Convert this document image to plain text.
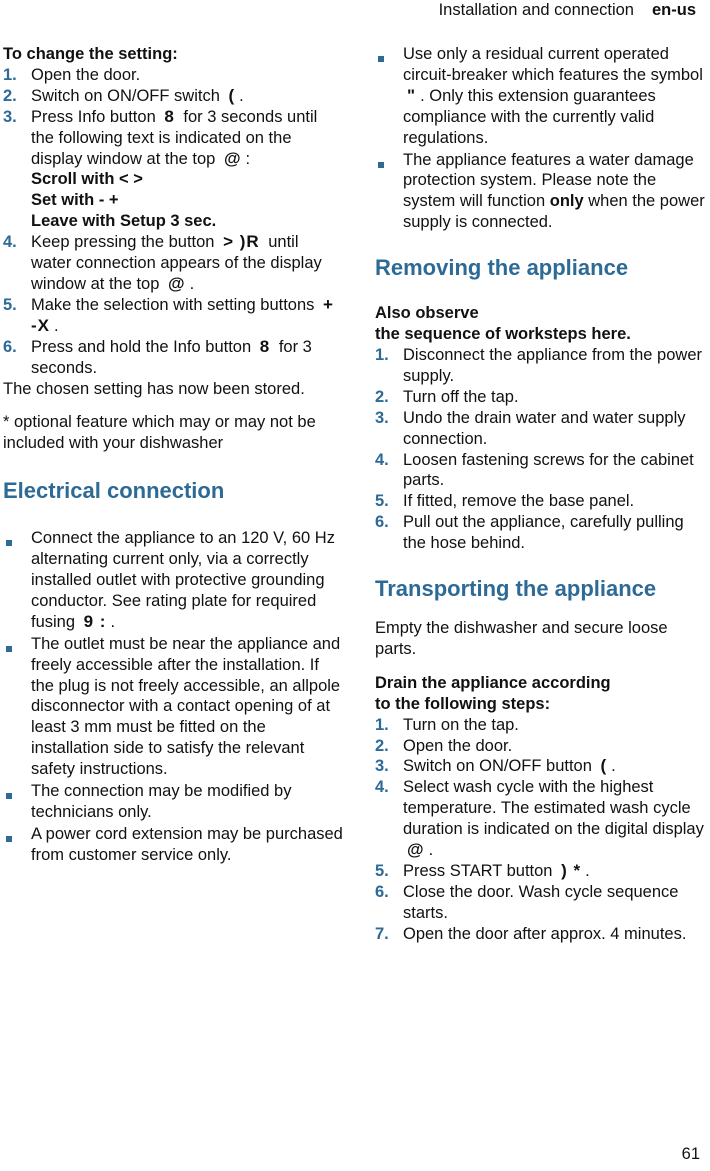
Installation and connection en-us

To change the setting:

1. Open the door.
2. Switch on ON/OFF switch ( .
3. Press Info button 8 for 3 seconds until the following text is indicated on the display window at the top @ :
Scroll with < >
Set with - +
Leave with Setup 3 sec.
4. Keep pressing the button > )R until water connection appears of the display window at the top @ .
5. Make the selection with setting buttons + -X .
6. Press and hold the Info button 8 for 3 seconds.

The chosen setting has now been stored.

* optional feature which may or may not be included with your dishwasher

Electrical connection
Connect the appliance to an 120 V, 60 Hz alternating current only, via a correctly installed outlet with protective grounding conductor. See rating plate for required fusing 9 : .
The outlet must be near the appliance and freely accessible after the installation. If the plug is not freely accessible, an allpole disconnector with a contact opening of at least 3 mm must be fitted on the installation side to satisfy the relevant safety instructions.
The connection may be modified by technicians only.
A power cord extension may be purchased from customer service only.
Use only a residual current operated circuit-breaker which features the symbol " . Only this extension guarantees compliance with the currently valid regulations.
The appliance features a water damage protection system. Please note the system will function only when the power supply is connected.
Removing the appliance

Also observe

the sequence of worksteps here.

1. Disconnect the appliance from the power supply.
2. Turn off the tap.
3. Undo the drain water and water supply connection.
4. Loosen fastening screws for the cabinet parts.
5. If fitted, remove the base panel.
6. Pull out the appliance, carefully pulling the hose behind.
Transporting the appliance

Empty the dishwasher and secure loose parts.

Drain the appliance according

to the following steps:

1. Turn on the tap.
2. Open the door.
3. Switch on ON/OFF button ( .
4. Select wash cycle with the highest temperature. The estimated wash cycle duration is indicated on the digital display @ .
5. Press START button ) * .
6. Close the door. Wash cycle sequence starts.
7. Open the door after approx. 4 minutes.
61
